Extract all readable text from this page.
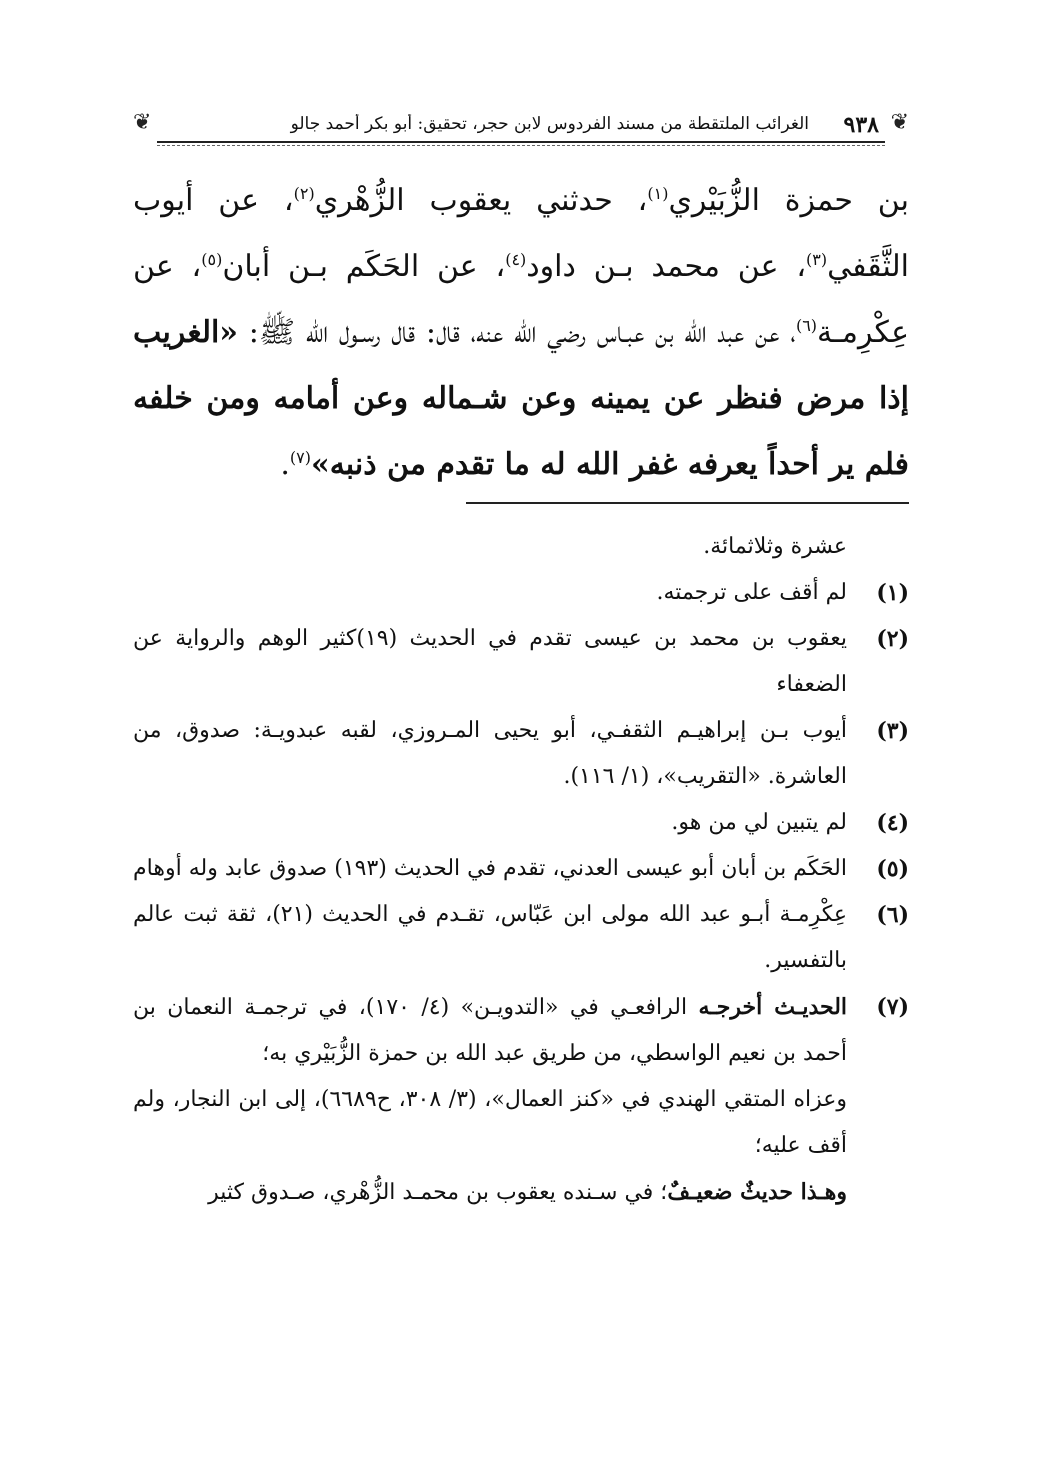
❦
٩٣٨
الغرائب الملتقطة من مسند الفردوس لابن حجر، تحقيق: أبو بكر أحمد جالو
❦

بن حمزة الزُّبَيْري$^{(١)}$، حدثني يعقوب الزُّهْري$^{(٢)}$، عن أيوب الثَّقَفي$^{(٣)}$، عن محمد بـن داود$^{(٤)}$، عن الحَكَم بـن أبان$^{(٥)}$، عن عِكْرِمـة$^{(٦)}$، عن عبد الله بن عبـاس رضي الله عنه، قال: قال رسـول الله ﷺ: «الغريب إذا مرض فنظر عن يمينه وعن شـماله وعن أمامه ومن خلفه فلم ير أحداً يعرفه غفر الله له ما تقدم من ذنبه»$^{(٧)}$.

عشرة وثلاثمائة.

(١)
لم أقف على ترجمته.
(٢)
يعقوب بن محمد بن عيسى تقدم في الحديث (١٩)كثير الوهم والرواية عن الضعفاء
(٣)
أيوب بـن إبراهيـم الثقفـي، أبو يحيى المـروزي، لقبه عبدويـة: صدوق، من العاشرة. «التقريب»، (١/ ١١٦).
(٤)
لم يتبين لي من هو.
(٥)
الحَكَم بن أبان أبو عيسى العدني، تقدم في الحديث (١٩٣) صدوق عابد وله أوهام
(٦)
عِكْرِمـة أبـو عبد الله مولى ابن عَبّاس، تقـدم في الحديث (٢١)، ثقة ثبت عالم بالتفسير.
(٧)
الحديـث أخرجـه الرافعـي في «التدويـن» (٤/ ١٧٠)، في ترجمـة النعمان بن أحمد بن نعيم الواسطي، من طريق عبد الله بن حمزة الزُّبَيْري به؛

وعزاه المتقي الهندي في «كنز العمال»، (٣/ ٣٠٨، ح٦٦٨٩)، إلى ابن النجار، ولم أقف عليه؛

وهـذا حديثٌ ضعيـفٌ؛ في سـنده يعقوب بن محمـد الزُّهْري، صـدوق كثير
